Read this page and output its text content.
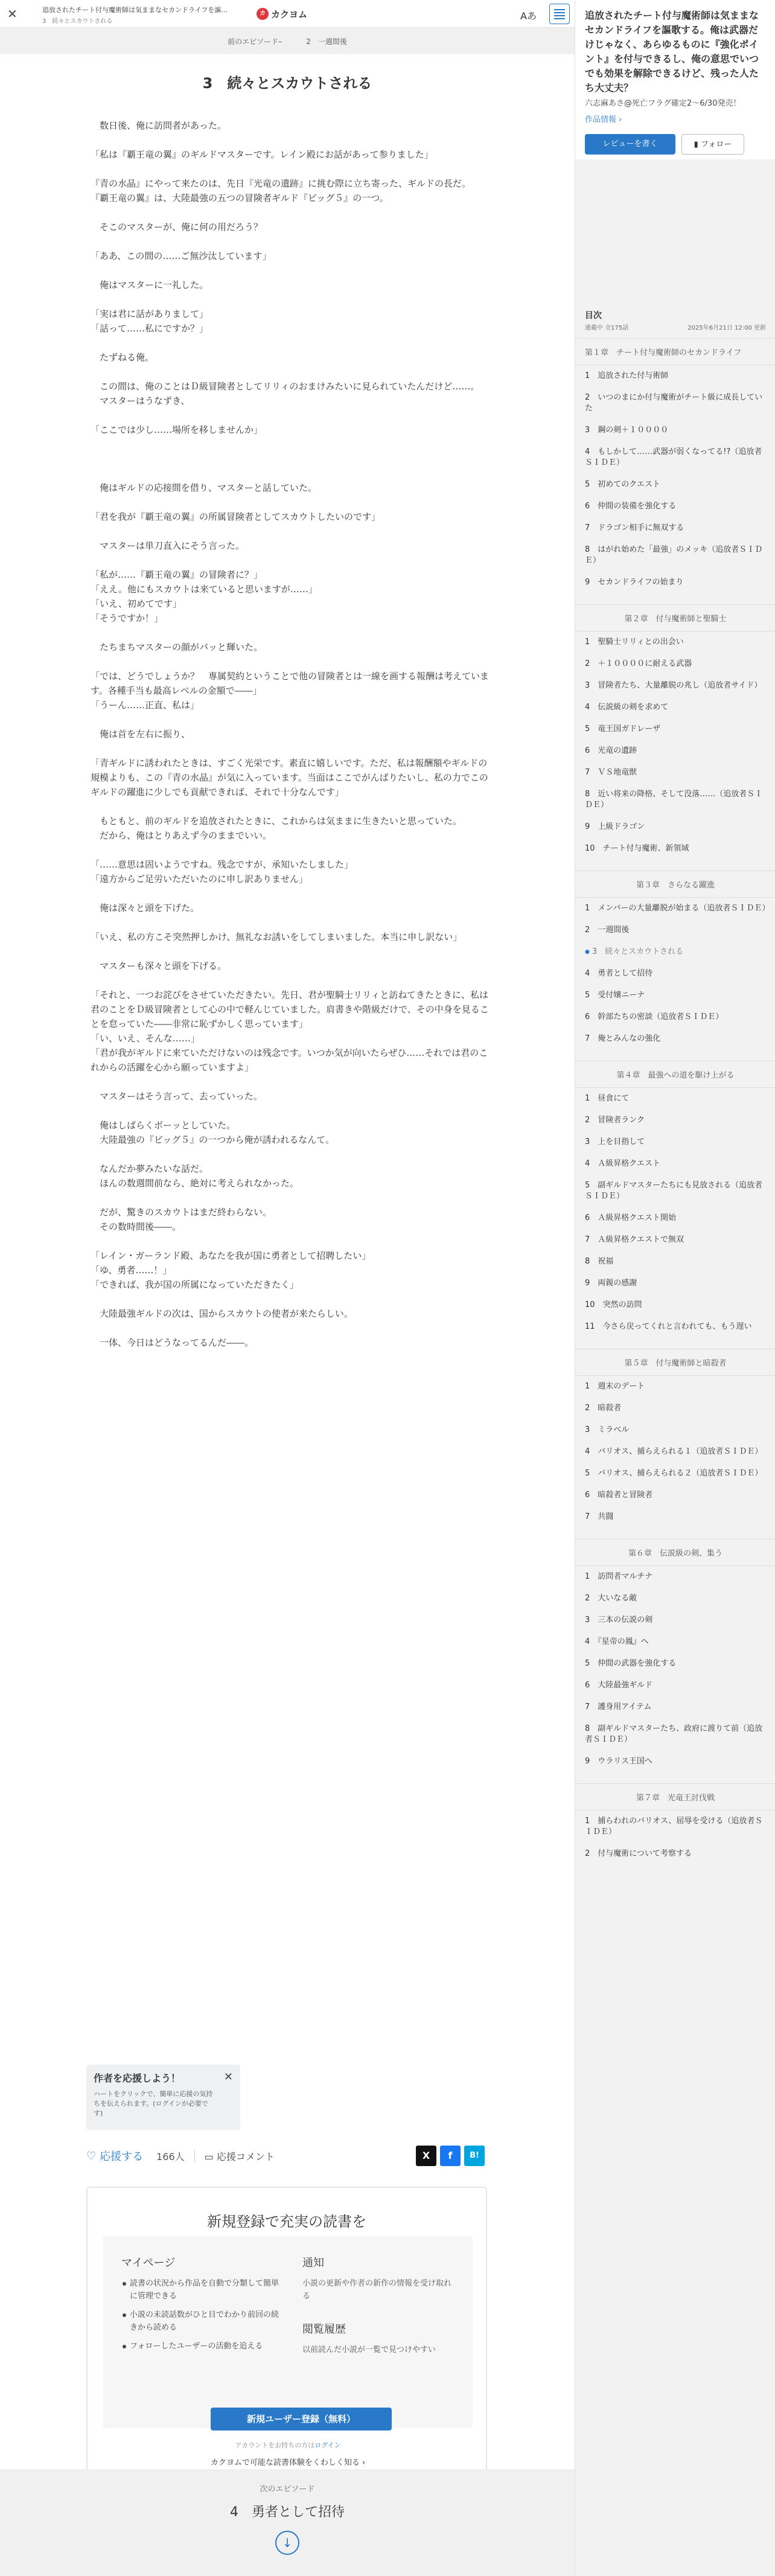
✕	追放されたチート付与魔術師は気ままなセカンドライフを謳…
3　続々とスカウトされる
カ カクヨム	Aあ
前のエピソード–	2　一週間後
3　続々とスカウトされる

　数日後、俺に訪問者があった。

「私は『覇王竜の翼』のギルドマスターです。レイン殿にお話があって参りました」

『青の水晶』にやって来たのは、先日『光竜の遺跡』に挑む際に立ち寄った、ギルドの長だ。

『覇王竜の翼』は、大陸最強の五つの冒険者ギルド『ビッグ５』の一つ。

　そこのマスターが、俺に何の用だろう？

「ああ、この間の……ご無沙汰しています」

　俺はマスターに一礼した。

「実は君に話がありまして」

「話って……私にですか？」

　たずねる俺。

　この間は、俺のことはＤ級冒険者としてリリィのおまけみたいに見られていたんだけど……。

　マスターはうなずき、

「ここでは少し……場所を移しませんか」

　俺はギルドの応接間を借り、マスターと話していた。

「君を我が『覇王竜の翼』の所属冒険者としてスカウトしたいのです」

　マスターは単刀直入にそう言った。

「私が……『覇王竜の翼』の冒険者に？」

「ええ。他にもスカウトは来ていると思いますが……」

「いえ、初めてです」

「そうですか！」

　たちまちマスターの顔がパッと輝いた。

「では、どうでしょうか？　専属契約ということで他の冒険者とは一線を画する報酬は考えています。各種手当も最高レベルの金額で――」

「うーん……正直、私は」

　俺は首を左右に振り、

「青ギルドに誘われたときは、すごく光栄です。素直に嬉しいです。ただ、私は報酬額やギルドの規模よりも、この『青の水晶』が気に入っています。当面はここでがんばりたいし、私の力でこのギルドの躍進に少しでも貢献できれば、それで十分なんです」

　もともと、前のギルドを追放されたときに、これからは気ままに生きたいと思っていた。

　だから、俺はとりあえず今のままでいい。

「……意思は固いようですね。残念ですが、承知いたしました」

「遠方からご足労いただいたのに申し訳ありません」

　俺は深々と頭を下げた。

「いえ、私の方こそ突然押しかけ、無礼なお誘いをしてしまいました。本当に申し訳ない」

　マスターも深々と頭を下げる。

「それと、一つお詫びをさせていただきたい。先日、君が聖騎士リリィと訪ねてきたときに、私は君のことをＤ級冒険者として心の中で軽んじていました。肩書きや階級だけで、その中身を見ることを怠っていた――非常に恥ずかしく思っています」

「い、いえ、そんな……」

「君が我がギルドに来ていただけないのは残念です。いつか気が向いたらぜひ……それでは君のこれからの活躍を心から願っていますよ」

　マスターはそう言って、去っていった。

　俺はしばらくボーッとしていた。

　大陸最強の『ビッグ５』の一つから俺が誘われるなんて。

　なんだか夢みたいな話だ。

　ほんの数週間前なら、絶対に考えられなかった。

　だが、驚きのスカウトはまだ終わらない。

　その数時間後――。

「レイン・ガーランド殿、あなたを我が国に勇者として招聘したい」

「ゆ、勇者……！」

「できれば、我が国の所属になっていただきたく」

　大陸最強ギルドの次は、国からスカウトの使者が来たらしい。

　一体、今日はどうなってるんだ――。

作者を応援しよう！

ハートをクリックで、簡単に応援の気持ちを伝えられます。(ログインが必要です)

✕
♡ 応援する 166人 ▭ 応援コメント	X	f	B!
新規登録で充実の読書を
マイページ
読書の状況から作品を自動で分類して簡単に管理できる
小説の未読話数がひと目でわかり前回の続きから読める
フォローしたユーザーの活動を追える
通知
小説の更新や作者の新作の情報を受け取れる
閲覧履歴
以前読んだ小説が一覧で見つけやすい
新規ユーザー登録（無料）
アカウントをお持ちの方はログイン
カクヨムで可能な読書体験をくわしく知る ›
次のエピソード
4　勇者として招待
↓
追放されたチート付与魔術師は気ままなセカンドライフを謳歌する。俺は武器だけじゃなく、あらゆるものに『強化ポイント』を付与できるし、俺の意思でいつでも効果を解除できるけど、残った人たち大丈夫？
六志麻あさ@死亡フラグ確定2〜6/30発売！
作品情報 ›
レビューを書く	▮ フォロー
目次
連載中 全175話	2025年6月21日 12:00 更新
第１章　チート付与魔術師のセカンドライフ
1　追放された付与術師
2　いつのまにか付与魔術がチート級に成長していた
3　鋼の剣＋１００００
4　もしかして……武器が弱くなってる!?（追放者ＳＩＤＥ）
5　初めてのクエスト
6　仲間の装備を強化する
7　ドラゴン相手に無双する
8　はがれ始めた「最強」のメッキ（追放者ＳＩＤＥ）
9　セカンドライフの始まり
第２章　付与魔術師と聖騎士
1　聖騎士リリィとの出会い
2　＋１００００に耐える武器
3　冒険者たち、大量離脱の兆し（追放者サイド）
4　伝説級の剣を求めて
5　竜王国ガドレーザ
6　光竜の遺跡
7　ＶＳ地竜獣
8　近い将来の降格、そして没落……（追放者ＳＩＤＥ）
9　上級ドラゴン
10　チート付与魔術、新領域
第３章　さらなる躍進
1　メンバーの大量離脱が始まる（追放者ＳＩＤＥ）
2　一週間後
● 3　続々とスカウトされる
4　勇者として招待
5　受付嬢ニーナ
6　幹部たちの密談（追放者ＳＩＤＥ）
7　俺とみんなの強化
第４章　最強への道を駆け上がる
1　昼食にて
2　冒険者ランク
3　上を目指して
4　Ａ級昇格クエスト
5　副ギルドマスターたちにも見放される（追放者ＳＩＤＥ）
6　Ａ級昇格クエスト開始
7　Ａ級昇格クエストで無双
8　祝福
9　両親の感謝
10　突然の訪問
11　今さら戻ってくれと言われても、もう遅い
第５章　付与魔術師と暗殺者
1　週末のデート
2　暗殺者
3　ミラベル
4　バリオス、捕らえられる１（追放者ＳＩＤＥ）
5　バリオス、捕らえられる２（追放者ＳＩＤＥ）
6　暗殺者と冒険者
7　共闘
第６章　伝説級の剣、集う
1　訪問者マルチナ
2　大いなる敵
3　三本の伝説の剣
4　『星帝の鳳』へ
5　仲間の武器を強化する
6　大陸最強ギルド
7　護身用アイテム
8　副ギルドマスターたち、政府に渡りて前（追放者ＳＩＤＥ）
9　ウラリス王国へ
第７章　光竜王討伐戦
1　捕らわれのバリオス、屈辱を受ける（追放者ＳＩＤＥ）
2　付与魔術について考察する
